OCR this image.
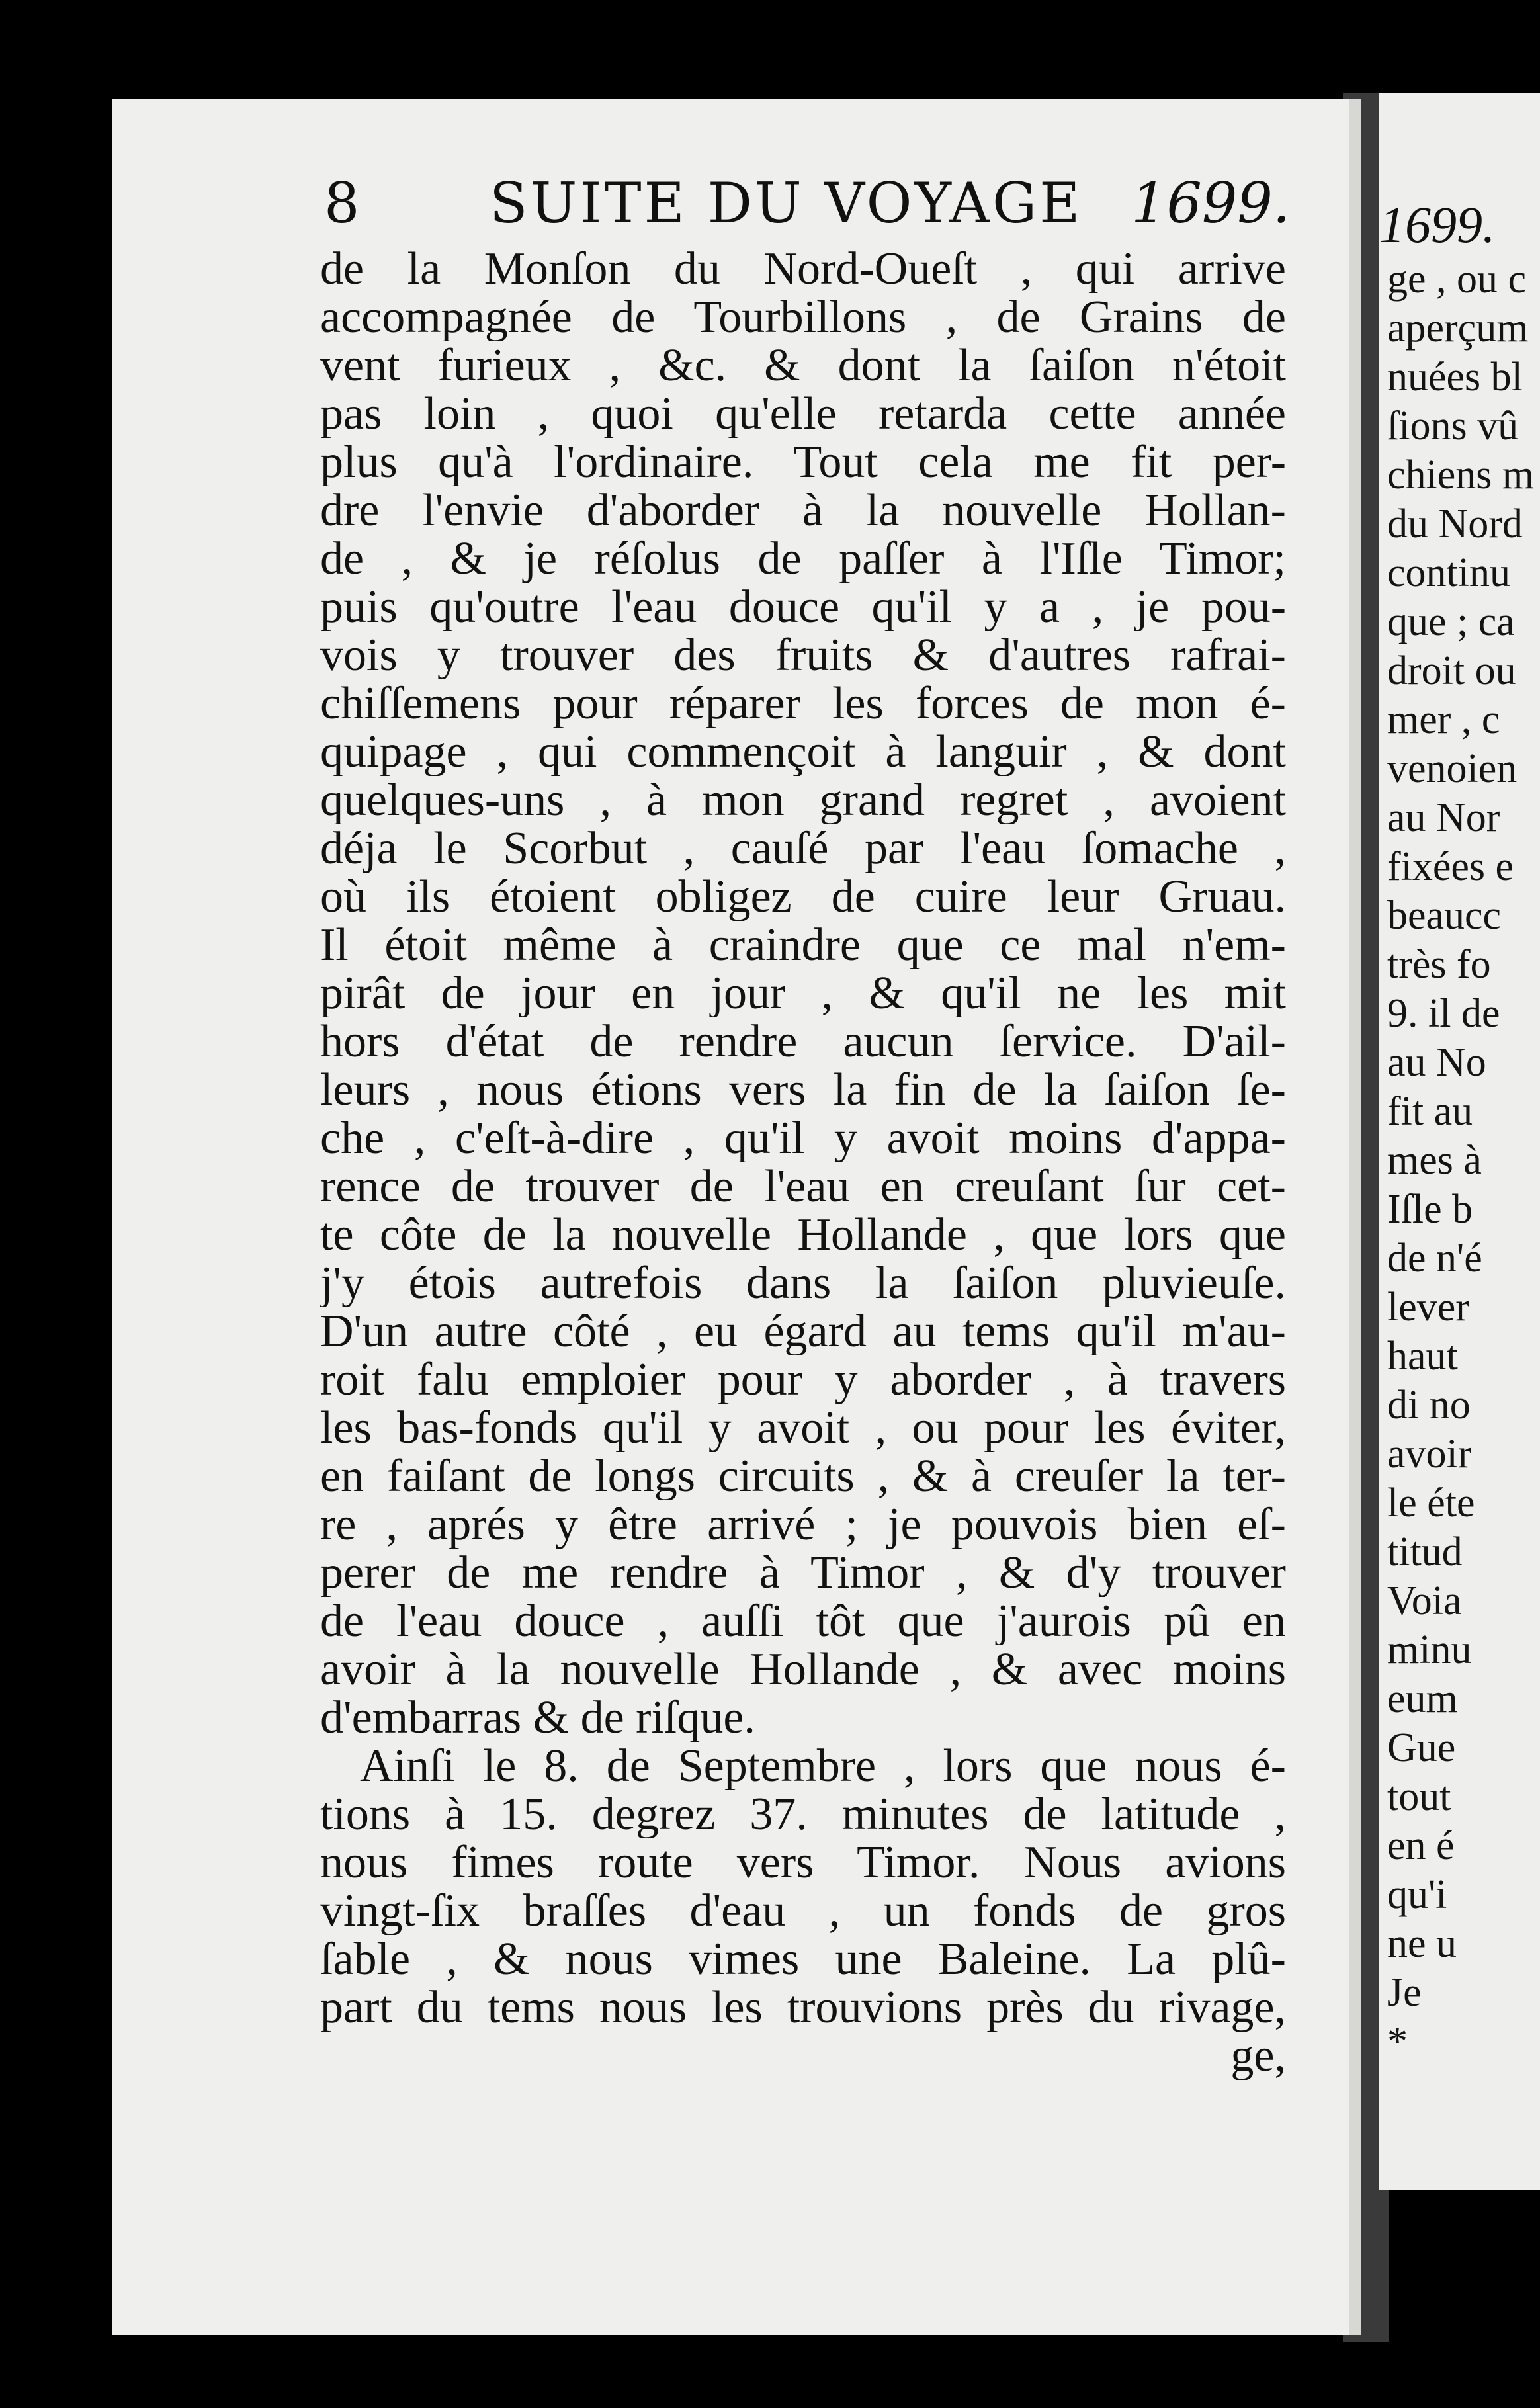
8 SUITE DU VOYAGE 1699.
de la Monſon du Nord-Oueſt , qui arrive
accompagnée de Tourbillons , de Grains de
vent furieux , &c. & dont la ſaiſon n'étoit
pas loin , quoi qu'elle retarda cette année
plus qu'à l'ordinaire. Tout cela me fit per-
dre l'envie d'aborder à la nouvelle Hollan-
de , & je réſolus de paſſer à l'Iſle Timor;
puis qu'outre l'eau douce qu'il y a , je pou-
vois y trouver des fruits & d'autres rafrai-
chiſſemens pour réparer les forces de mon é-
quipage , qui commençoit à languir , & dont
quelques-uns , à mon grand regret , avoient
déja le Scorbut , cauſé par l'eau ſomache ,
où ils étoient obligez de cuire leur Gruau.
Il étoit même à craindre que ce mal n'em-
pirât de jour en jour , & qu'il ne les mit
hors d'état de rendre aucun ſervice. D'ail-
leurs , nous étions vers la fin de la ſaiſon ſe-
che , c'eſt-à-dire , qu'il y avoit moins d'appa-
rence de trouver de l'eau en creuſant ſur cet-
te côte de la nouvelle Hollande , que lors que
j'y étois autrefois dans la ſaiſon pluvieuſe.
D'un autre côté , eu égard au tems qu'il m'au-
roit falu emploier pour y aborder , à travers
les bas-fonds qu'il y avoit , ou pour les éviter,
en faiſant de longs circuits , & à creuſer la ter-
re , aprés y être arrivé ; je pouvois bien eſ-
perer de me rendre à Timor , & d'y trouver
de l'eau douce , auſſi tôt que j'aurois pû en
avoir à la nouvelle Hollande , & avec moins
d'embarras & de riſque.
Ainſi le 8. de Septembre , lors que nous é-
tions à 15. degrez 37. minutes de latitude ,
nous fimes route vers Timor. Nous avions
vingt-ſix braſſes d'eau , un fonds de gros
ſable , & nous vimes une Baleine. La plû-
part du tems nous les trouvions près du rivage,
ge,
1699.
ge , ou c
aperçum
nuées bl
ſions vû
chiens m
du Nord
continu
que ; ca
droit ou
mer , c
venoien
au Nor
fixées e
beaucc
très fo
9. il de
au No
fit au
mes à
Iſle b
de n'é
lever
haut
di no
avoir
le éte
titud
Voia
minu
eum
Gue
tout
en é
qu'i
ne u
Je
*
